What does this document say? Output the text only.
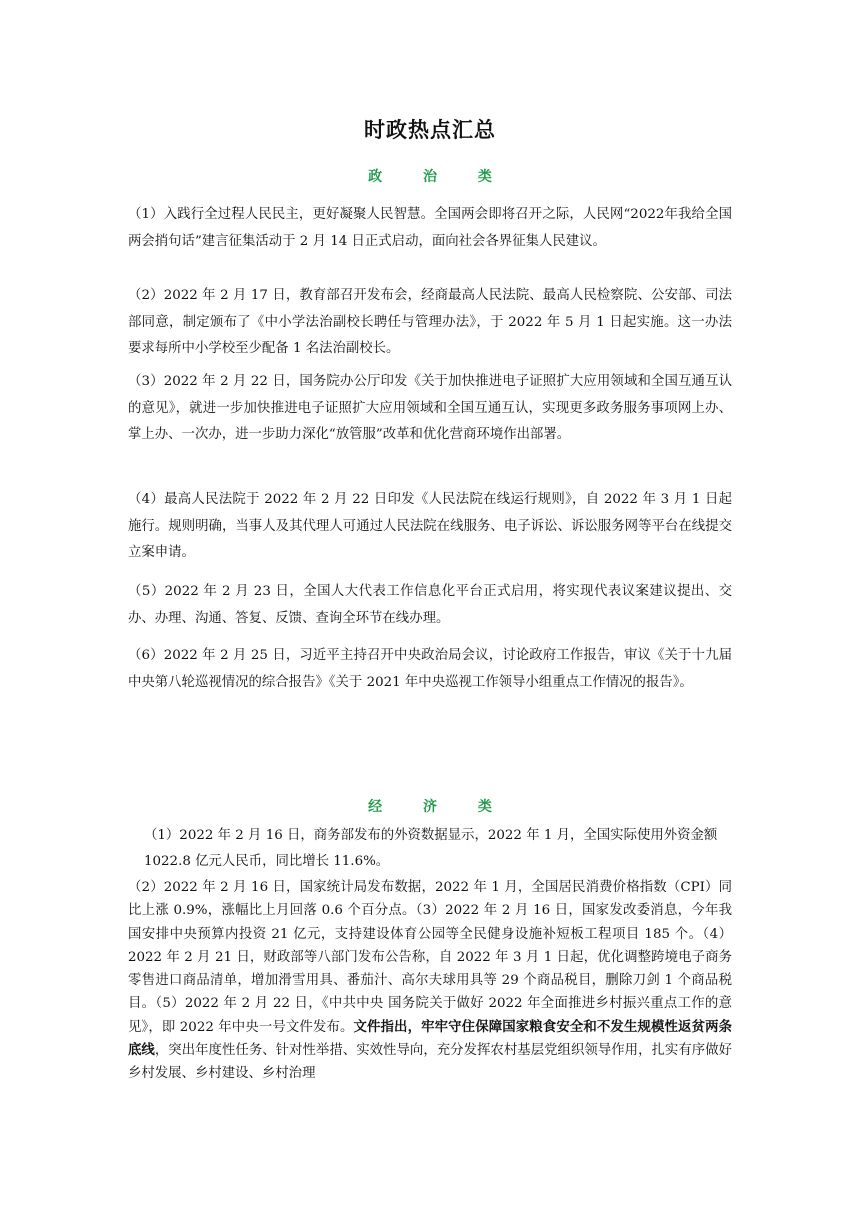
时政热点汇总
政 治 类

（1）入践行全过程人民民主，更好凝聚人民智慧。全国两会即将召开之际，人民网“2022年我给全国两会捎句话”建言征集活动于 2 月 14 日正式启动，面向社会各界征集人民建议。

（2）2022 年 2 月 17 日，教育部召开发布会，经商最高人民法院、最高人民检察院、公安部、司法部同意，制定颁布了《中小学法治副校长聘任与管理办法》，于 2022 年 5 月 1 日起实施。这一办法要求每所中小学校至少配备 1 名法治副校长。

（3）2022 年 2 月 22 日，国务院办公厅印发《关于加快推进电子证照扩大应用领域和全国互通互认的意见》，就进一步加快推进电子证照扩大应用领域和全国互通互认，实现更多政务服务事项网上办、掌上办、一次办，进一步助力深化“放管服”改革和优化营商环境作出部署。

（4）最高人民法院于 2022 年 2 月 22 日印发《人民法院在线运行规则》，自 2022 年 3 月 1 日起施行。规则明确，当事人及其代理人可通过人民法院在线服务、电子诉讼、诉讼服务网等平台在线提交立案申请。

（5）2022 年 2 月 23 日，全国人大代表工作信息化平台正式启用，将实现代表议案建议提出、交办、办理、沟通、答复、反馈、查询全环节在线办理。

（6）2022 年 2 月 25 日，习近平主持召开中央政治局会议，讨论政府工作报告，审议《关于十九届中央第八轮巡视情况的综合报告》《关于 2021 年中央巡视工作领导小组重点工作情况的报告》。

经 济 类

（1）2022 年 2 月 16 日，商务部发布的外资数据显示，2022 年 1 月，全国实际使用外资金额 1022.8 亿元人民币，同比增长 11.6%。

（2）2022 年 2 月 16 日，国家统计局发布数据，2022 年 1 月，全国居民消费价格指数（CPI）同比上涨 0.9%，涨幅比上月回落 0.6 个百分点。（3）2022 年 2 月 16 日，国家发改委消息，今年我国安排中央预算内投资 21 亿元，支持建设体育公园等全民健身设施补短板工程项目 185 个。（4）2022 年 2 月 21 日，财政部等八部门发布公告称，自 2022 年 3 月 1 日起，优化调整跨境电子商务零售进口商品清单，增加滑雪用具、番茄汁、高尔夫球用具等 29 个商品税目，删除刀剑 1 个商品税目。（5）2022 年 2 月 22 日，《中共中央 国务院关于做好 2022 年全面推进乡村振兴重点工作的意见》，即 2022 年中央一号文件发布。文件指出，牢牢守住保障国家粮食安全和不发生规模性返贫两条底线，突出年度性任务、针对性举措、实效性导向，充分发挥农村基层党组织领导作用，扎实有序做好乡村发展、乡村建设、乡村治理
